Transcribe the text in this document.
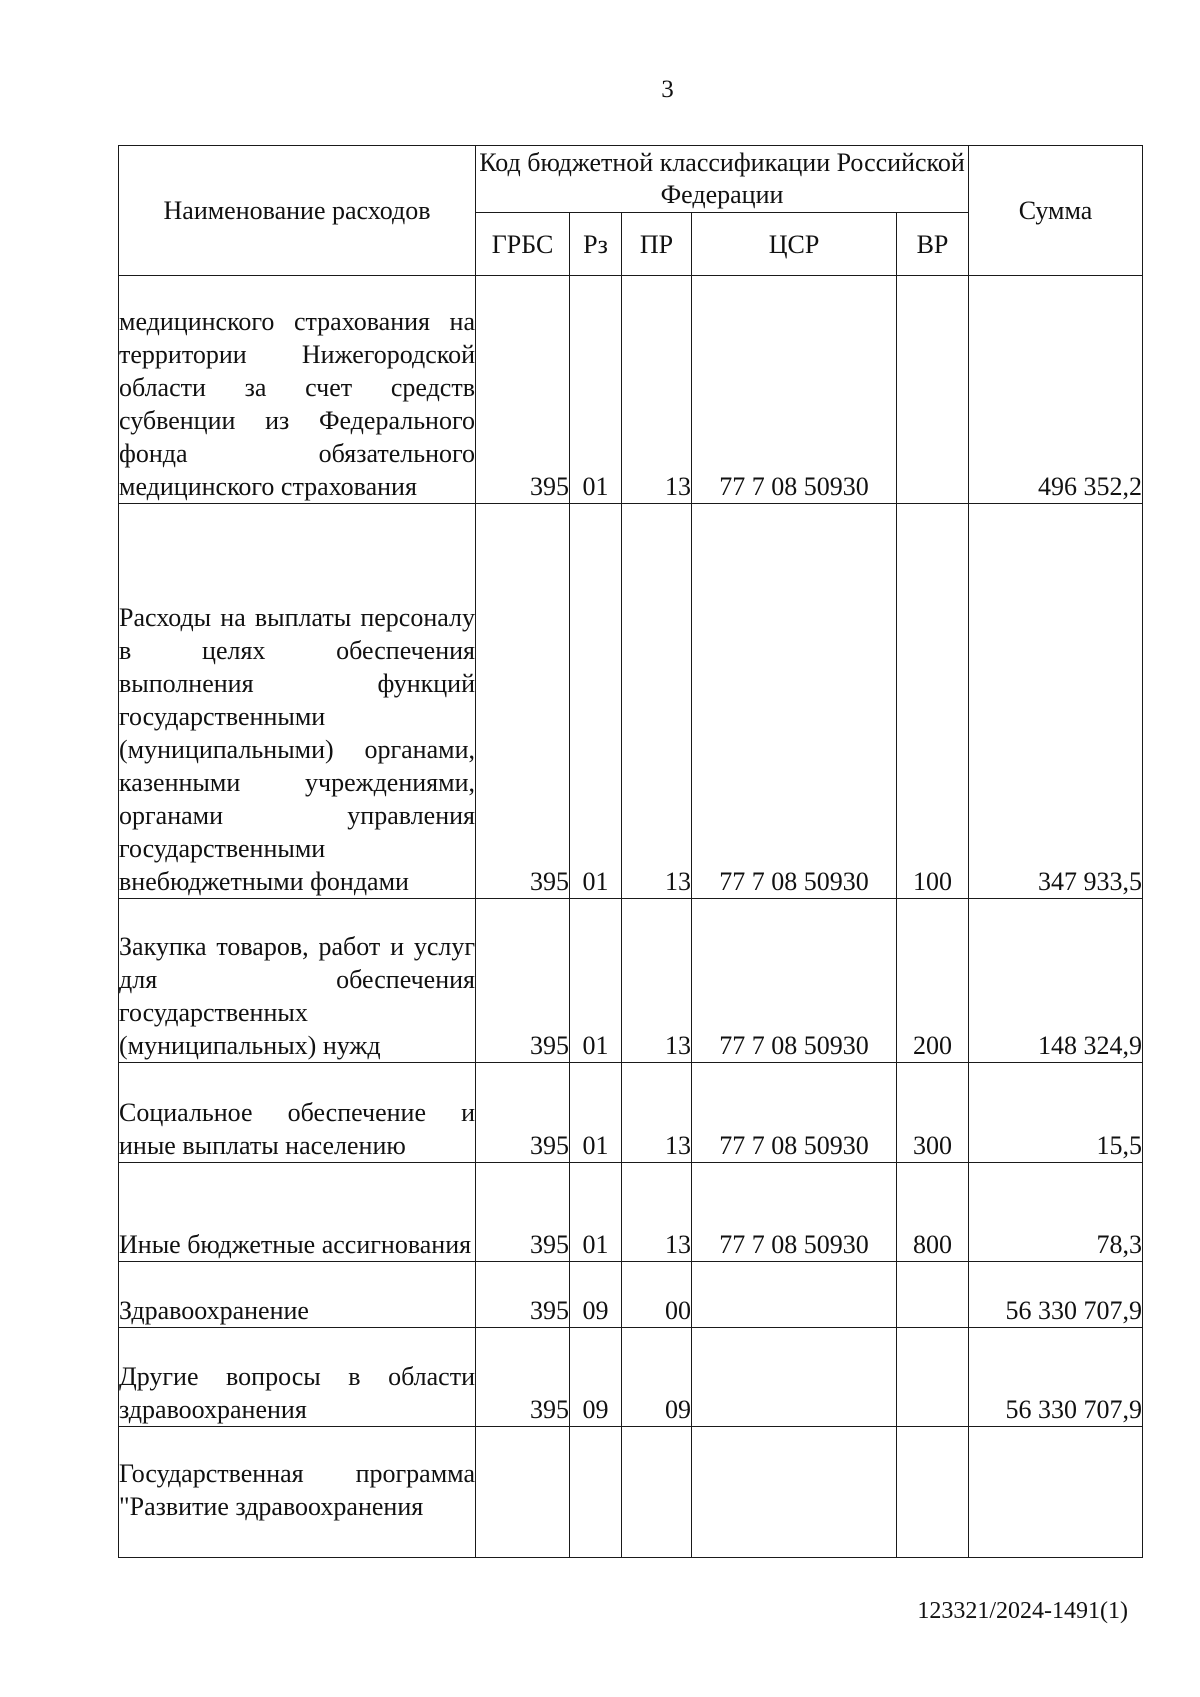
3
Наименование расходов	Код бюджетной классификации Российской Федерации					Сумма
	ГРБС	Рз	ПР	ЦСР	ВР	
медицинского страхования на территории Нижегородской области за счет средств субвенции из Федерального фонда обязательного медицинского страхования	395	01	13	77 7 08 50930		496 352,2
Расходы на выплаты персоналу в целях обеспечения выполнения функций государственными (муниципальными) органами, казенными учреждениями, органами управления государственными внебюджетными фондами	395	01	13	77 7 08 50930	100	347 933,5
Закупка товаров, работ и услуг для обеспечения государственных (муниципальных) нужд	395	01	13	77 7 08 50930	200	148 324,9
Социальное обеспечение и иные выплаты населению	395	01	13	77 7 08 50930	300	15,5
Иные бюджетные ассигнования	395	01	13	77 7 08 50930	800	78,3
Здравоохранение	395	09	00			56 330 707,9
Другие вопросы в области здравоохранения	395	09	09			56 330 707,9
Государственная программа "Развитие здравоохранения						
123321/2024-1491(1)
